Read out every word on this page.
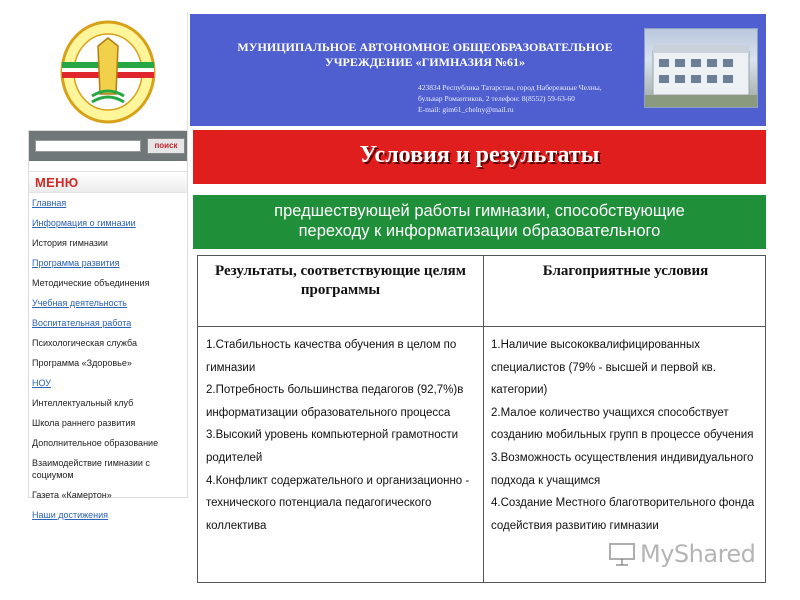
МУНИЦИПАЛЬНОЕ АВТОНОМНОЕ ОБЩЕОБРАЗОВАТЕЛЬНОЕ
УЧРЕЖДЕНИЕ «ГИМНАЗИЯ №61»
423834 Республика Татарстан, город Набережные Челны,
бульвар Романтиков, 2 телефон: 8(8552) 59-63-60
E-mail: gim61_chelny@mail.ru
поиск
МЕНЮ
Главная
Информация о гимназии
История гимназии
Программа развития
Методические объединения
Учебная деятельность
Воспитательная работа
Психологическая служба
Программа «Здоровье»
НОУ
Интеллектуальный клуб
Школа раннего развития
Дополнительное образование
Взаимодействие гимназии с социумом
Газета «Камертон»
Наши достижения
Условия и результаты

предшествующей работы гимназии, способствующие
переходу к информатизации образовательного

Результаты, соответствующие целям программы
Благоприятные условия
1.Стабильность качества обучения в целом по гимназии
2.Потребность большинства педагогов (92,7%)в информатизации образовательного процесса
3.Высокий уровень компьютерной грамотности родителей
4.Конфликт содержательного и организационно - технического потенциала педагогического коллектива
1.Наличие высококвалифицированных специалистов (79% - высшей и первой кв. категории)
2.Малое количество учащихся способствует созданию мобильных групп в процессе обучения
3.Возможность осуществления индивидуального подхода к учащимся
4.Создание Местного благотворительного фонда содействия развитию гимназии
MyShared
